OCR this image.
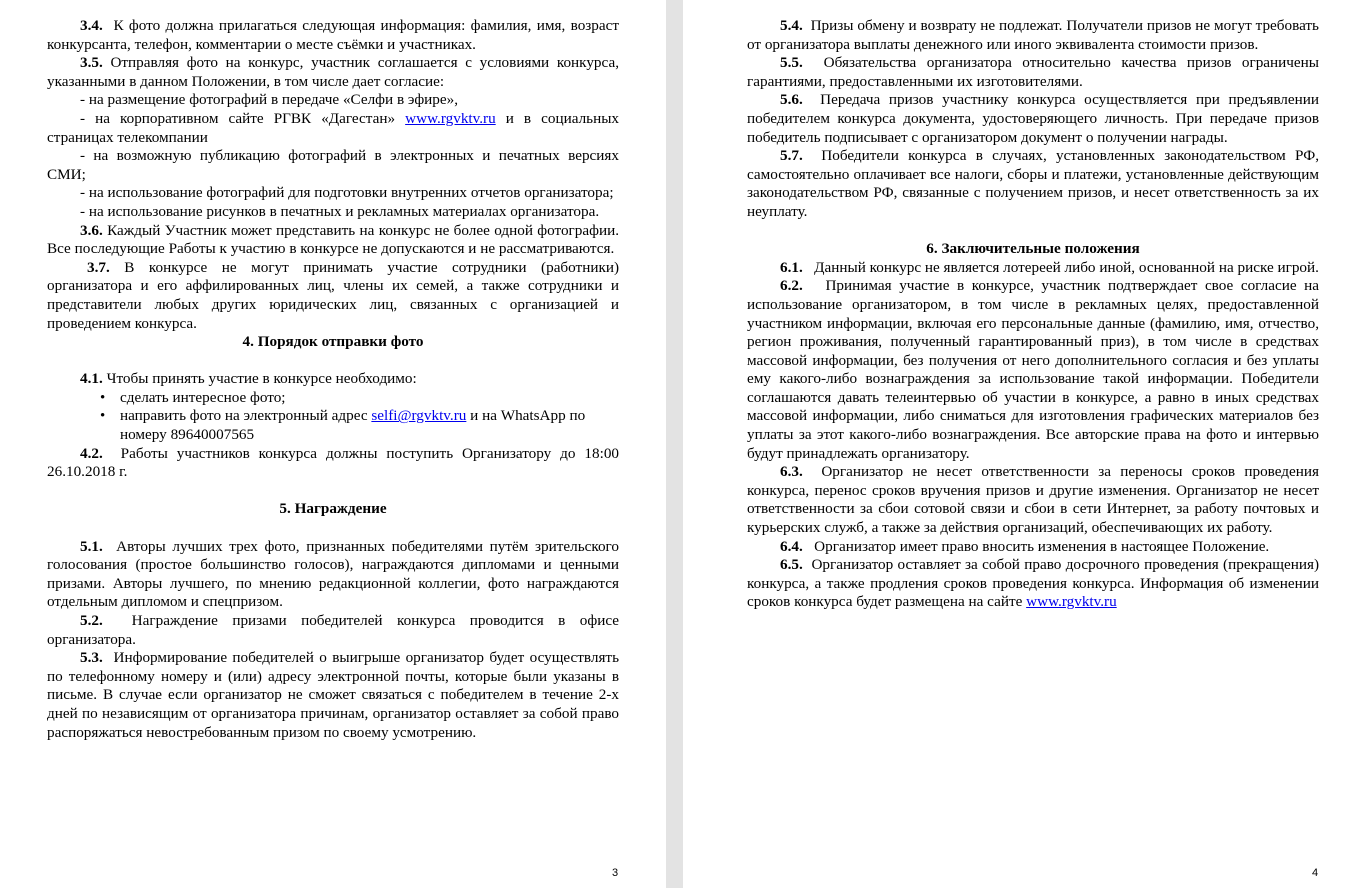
3.4. К фото должна прилагаться следующая информация: фамилия, имя, возраст конкурсанта, телефон, комментарии о месте съёмки и участниках.

3.5. Отправляя фото на конкурс, участник соглашается с условиями конкурса, указанными в данном Положении, в том числе дает согласие:

- на размещение фотографий в передаче «Селфи в эфире»,

- на корпоративном сайте РГВК «Дагестан» www.rgvktv.ru и в социальных страницах телекомпании

- на возможную публикацию фотографий в электронных и печатных версиях СМИ;

- на использование фотографий для подготовки внутренних отчетов организатора;

- на использование рисунков в печатных и рекламных материалах организатора.

3.6. Каждый Участник может представить на конкурс не более одной фотографии. Все последующие Работы к участию в конкурсе не допускаются и не рассматриваются.

3.7. В конкурсе не могут принимать участие сотрудники (работники) организатора и его аффилированных лиц, члены их семей, а также сотрудники и представители любых других юридических лиц, связанных с организацией и проведением конкурса.

4. Порядок отправки фото

4.1. Чтобы принять участие в конкурсе необходимо:

• сделать интересное фото;
• направить фото на электронный адрес selfi@rgvktv.ru и на WhatsApp по номеру 89640007565

4.2. Работы участников конкурса должны поступить Организатору до 18:00 26.10.2018 г.

5. Награждение

5.1. Авторы лучших трех фото, признанных победителями путём зрительского голосования (простое большинство голосов), награждаются дипломами и ценными призами. Авторы лучшего, по мнению редакционной коллегии, фото награждаются отдельным дипломом и спецпризом.

5.2. Награждение призами победителей конкурса проводится в офисе организатора.

5.3. Информирование победителей о выигрыше организатор будет осуществлять по телефонному номеру и (или) адресу электронной почты, которые были указаны в письме. В случае если организатор не сможет связаться с победителем в течение 2-х дней по независящим от организатора причинам, организатор оставляет за собой право распоряжаться невостребованным призом по своему усмотрению.

3

5.4. Призы обмену и возврату не подлежат. Получатели призов не могут требовать от организатора выплаты денежного или иного эквивалента стоимости призов.

5.5. Обязательства организатора относительно качества призов ограничены гарантиями, предоставленными их изготовителями.

5.6. Передача призов участнику конкурса осуществляется при предъявлении победителем конкурса документа, удостоверяющего личность. При передаче призов победитель подписывает с организатором документ о получении награды.

5.7. Победители конкурса в случаях, установленных законодательством РФ, самостоятельно оплачивает все налоги, сборы и платежи, установленные действующим законодательством РФ, связанные с получением призов, и несет ответственность за их неуплату.

6. Заключительные положения

6.1. Данный конкурс не является лотереей либо иной, основанной на риске игрой.

6.2. Принимая участие в конкурсе, участник подтверждает свое согласие на использование организатором, в том числе в рекламных целях, предоставленной участником информации, включая его персональные данные (фамилию, имя, отчество, регион проживания, полученный гарантированный приз), в том числе в средствах массовой информации, без получения от него дополнительного согласия и без уплаты ему какого-либо вознаграждения за использование такой информации. Победители соглашаются давать телеинтервью об участии в конкурсе, а равно в иных средствах массовой информации, либо сниматься для изготовления графических материалов без уплаты за этот какого-либо вознаграждения. Все авторские права на фото и интервью будут принадлежать организатору.

6.3. Организатор не несет ответственности за переносы сроков проведения конкурса, перенос сроков вручения призов и другие изменения. Организатор не несет ответственности за сбои сотовой связи и сбои в сети Интернет, за работу почтовых и курьерских служб, а также за действия организаций, обеспечивающих их работу.

6.4. Организатор имеет право вносить изменения в настоящее Положение.

6.5. Организатор оставляет за собой право досрочного проведения (прекращения) конкурса, а также продления сроков проведения конкурса. Информация об изменении сроков конкурса будет размещена на сайте www.rgvktv.ru

4
